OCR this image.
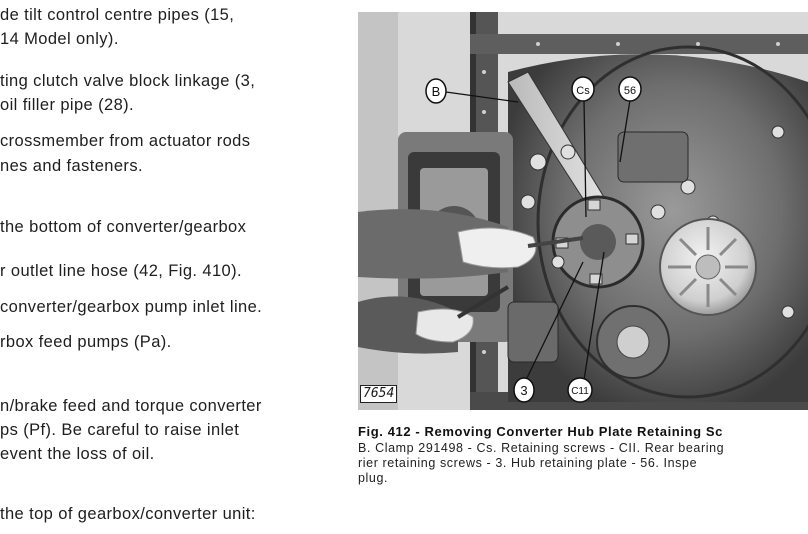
de tilt control centre pipes (15,
14 Model only).
ting clutch valve block linkage (3,
oil filler pipe (28).
crossmember from actuator rods
nes and fasteners.
the bottom of converter/gearbox
r outlet line hose (42, Fig. 410).
converter/gearbox pump inlet line.
rbox feed pumps (Pa).
n/brake feed and torque converter
ps (Pf). Be careful to raise inlet
event the loss of oil.
the top of gearbox/converter unit:
B	Cs	56
3	C11
7654
Fig. 412 - Removing Converter Hub Plate Retaining Sc
B. Clamp 291498 - Cs. Retaining screws - CII. Rear bearing
rier retaining screws - 3. Hub retaining plate - 56. Inspe
plug.
